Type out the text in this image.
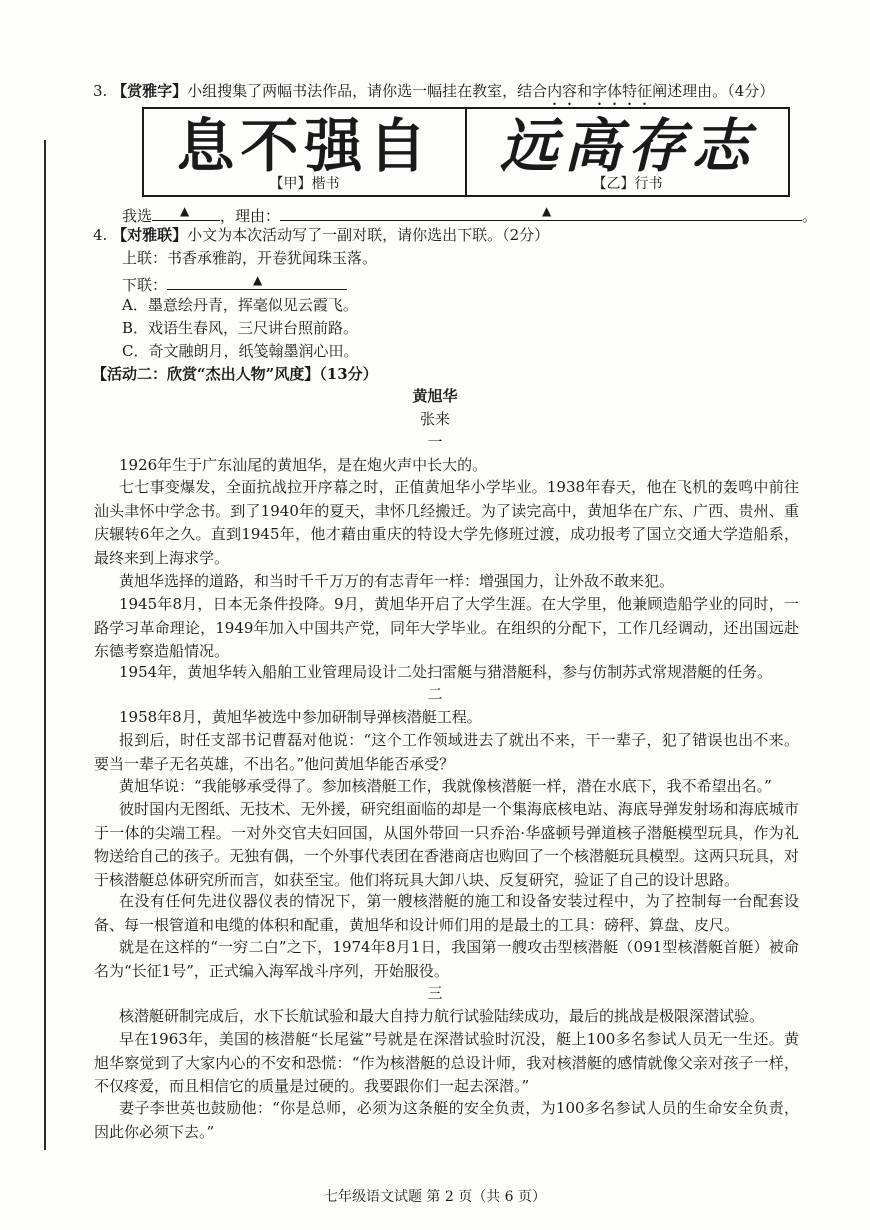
3. 【赏雅字】小组搜集了两幅书法作品，请你选一幅挂在教室，结合内容和字体特征阐述理由。（4分）
息不强自
【甲】楷书
远高存志
【乙】行书
我选 ▲ ，理由：	▲	。
4. 【对雅联】小文为本次活动写了一副对联，请你选出下联。（2分）
上联：书香承雅韵，开卷犹闻珠玉落。
下联：	▲
A．墨意绘丹青，挥毫似见云霞飞。
B．戏语生春风，三尺讲台照前路。
C．奇文融朗月，纸笺翰墨润心田。
【活动二：欣赏“杰出人物”风度】（13分）
黄旭华
张来
一
1926年生于广东汕尾的黄旭华，是在炮火声中长大的。
七七事变爆发，全面抗战拉开序幕之时，正值黄旭华小学毕业。1938年春天，他在飞机的轰鸣中前往汕头聿怀中学念书。到了1940年的夏天，聿怀几经搬迁。为了读完高中，黄旭华在广东、广西、贵州、重庆辗转6年之久。直到1945年，他才藉由重庆的特设大学先修班过渡，成功报考了国立交通大学造船系，最终来到上海求学。
黄旭华选择的道路，和当时千千万万的有志青年一样：增强国力，让外敌不敢来犯。
1945年8月，日本无条件投降。9月，黄旭华开启了大学生涯。在大学里，他兼顾造船学业的同时，一路学习革命理论，1949年加入中国共产党，同年大学毕业。在组织的分配下，工作几经调动，还出国远赴东德考察造船情况。
1954年，黄旭华转入船舶工业管理局设计二处扫雷艇与猎潜艇科，参与仿制苏式常规潜艇的任务。
二
1958年8月，黄旭华被选中参加研制导弹核潜艇工程。
报到后，时任支部书记曹磊对他说：“这个工作领域进去了就出不来，干一辈子，犯了错误也出不来。要当一辈子无名英雄，不出名。”他问黄旭华能否承受？
黄旭华说：“我能够承受得了。参加核潜艇工作，我就像核潜艇一样，潜在水底下，我不希望出名。”
彼时国内无图纸、无技术、无外援，研究组面临的却是一个集海底核电站、海底导弹发射场和海底城市于一体的尖端工程。一对外交官夫妇回国，从国外带回一只乔治·华盛顿号弹道核子潜艇模型玩具，作为礼物送给自己的孩子。无独有偶，一个外事代表团在香港商店也购回了一个核潜艇玩具模型。这两只玩具，对于核潜艇总体研究所而言，如获至宝。他们将玩具大卸八块、反复研究，验证了自己的设计思路。
在没有任何先进仪器仪表的情况下，第一艘核潜艇的施工和设备安装过程中，为了控制每一台配套设备、每一根管道和电缆的体积和配重，黄旭华和设计师们用的是最土的工具：磅秤、算盘、皮尺。
就是在这样的“一穷二白”之下，1974年8月1日，我国第一艘攻击型核潜艇（091型核潜艇首艇）被命名为“长征1号”，正式编入海军战斗序列，开始服役。
三
核潜艇研制完成后，水下长航试验和最大自持力航行试验陆续成功，最后的挑战是极限深潜试验。
早在1963年，美国的核潜艇“长尾鲨”号就是在深潜试验时沉没，艇上100多名参试人员无一生还。黄旭华察觉到了大家内心的不安和恐慌：“作为核潜艇的总设计师，我对核潜艇的感情就像父亲对孩子一样，不仅疼爱，而且相信它的质量是过硬的。我要跟你们一起去深潜。”
妻子李世英也鼓励他：“你是总师，必须为这条艇的安全负责，为100多名参试人员的生命安全负责，因此你必须下去。”
七年级语文试题 第 2 页（共 6 页）
